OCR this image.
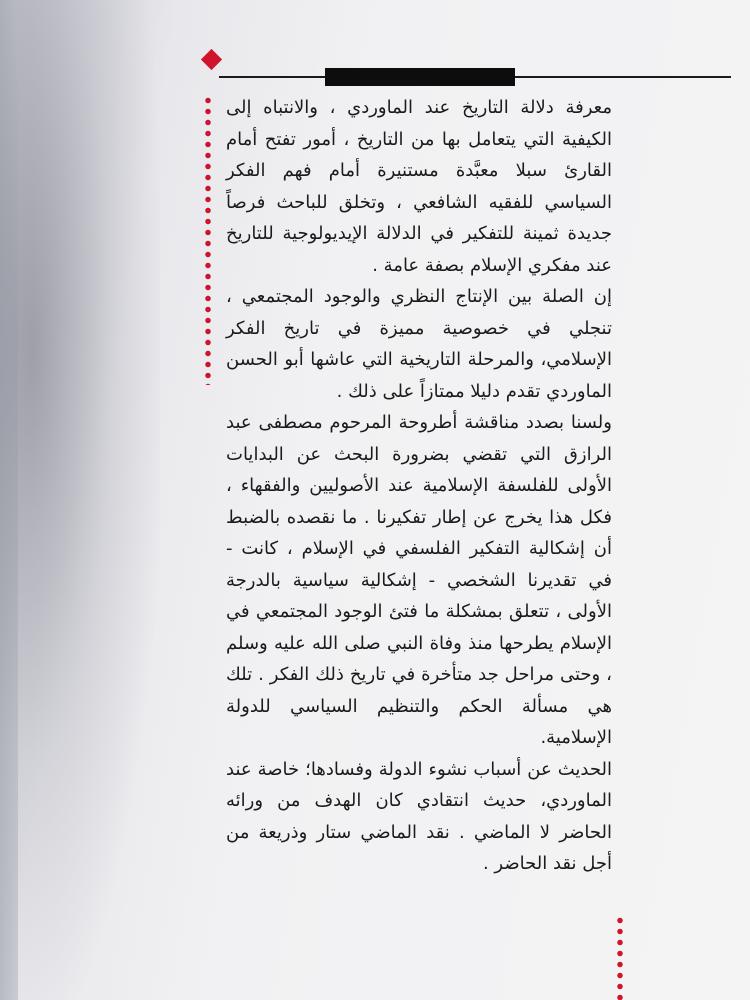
معرفة دلالة التاريخ عند الماوردي ، والانتباه إلى الكيفية التي يتعامل بها من التاريخ ، أمور تفتح أمام القارئ سبلا معبَّدة مستنيرة أمام فهم الفكر السياسي للفقيه الشافعي ، وتخلق للباحث فرصاً جديدة ثمينة للتفكير في الدلالة الإيديولوجية للتاريخ عند مفكري الإسلام بصفة عامة .

إن الصلة بين الإنتاج النظري والوجود المجتمعي ، تنجلي في خصوصية مميزة في تاريخ الفكر الإسلامي، والمرحلة التاريخية التي عاشها أبو الحسن الماوردي تقدم دليلا ممتازاً على ذلك .

ولسنا بصدد مناقشة أطروحة المرحوم مصطفى عبد الرازق التي تقضي بضرورة البحث عن البدايات الأولى للفلسفة الإسلامية عند الأصوليين والفقهاء ، فكل هذا يخرج عن إطار تفكيرنا . ما نقصده بالضبط أن إشكالية التفكير الفلسفي في الإسلام ، كانت - في تقديرنا الشخصي - إشكالية سياسية بالدرجة الأولى ، تتعلق بمشكلة ما فتئ الوجود المجتمعي في الإسلام يطرحها منذ وفاة النبي صلى الله عليه وسلم ، وحتى مراحل جد متأخرة في تاريخ ذلك الفكر . تلك هي مسألة الحكم والتنظيم السياسي للدولة الإسلامية.

الحديث عن أسباب نشوء الدولة وفسادها؛ خاصة عند الماوردي، حديث انتقادي كان الهدف من ورائه الحاضر لا الماضي . نقد الماضي ستار وذريعة من أجل نقد الحاضر .
